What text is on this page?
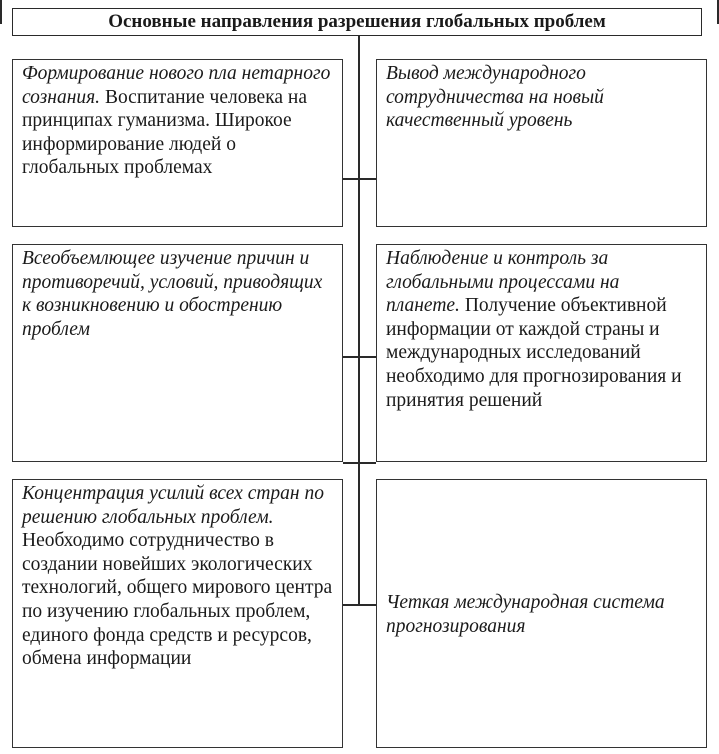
Основные направления разрешения глобальных проблем
Формирование нового пла нетарного сознания. Воспитание человека на принципах гуманизма. Широкое информирование людей о глобальных проблемах
Всеобъемлющее изучение причин и противоречий, условий, приводящих к возникновению и обострению проблем
Концентрация усилий всех стран по решению глобальных проблем. Необходимо сотрудничество в создании новейших экологических технологий, общего мирового центра по изучению глобальных проблем, единого фонда средств и ресурсов, обмена информации
Вывод международного сотрудничества на новый качественный уровень
Наблюдение и контроль за глобальными процессами на планете. Получение объективной информации от каждой страны и международных исследований необходимо для прогнозирования и принятия решений
Четкая международная система прогнозирования
